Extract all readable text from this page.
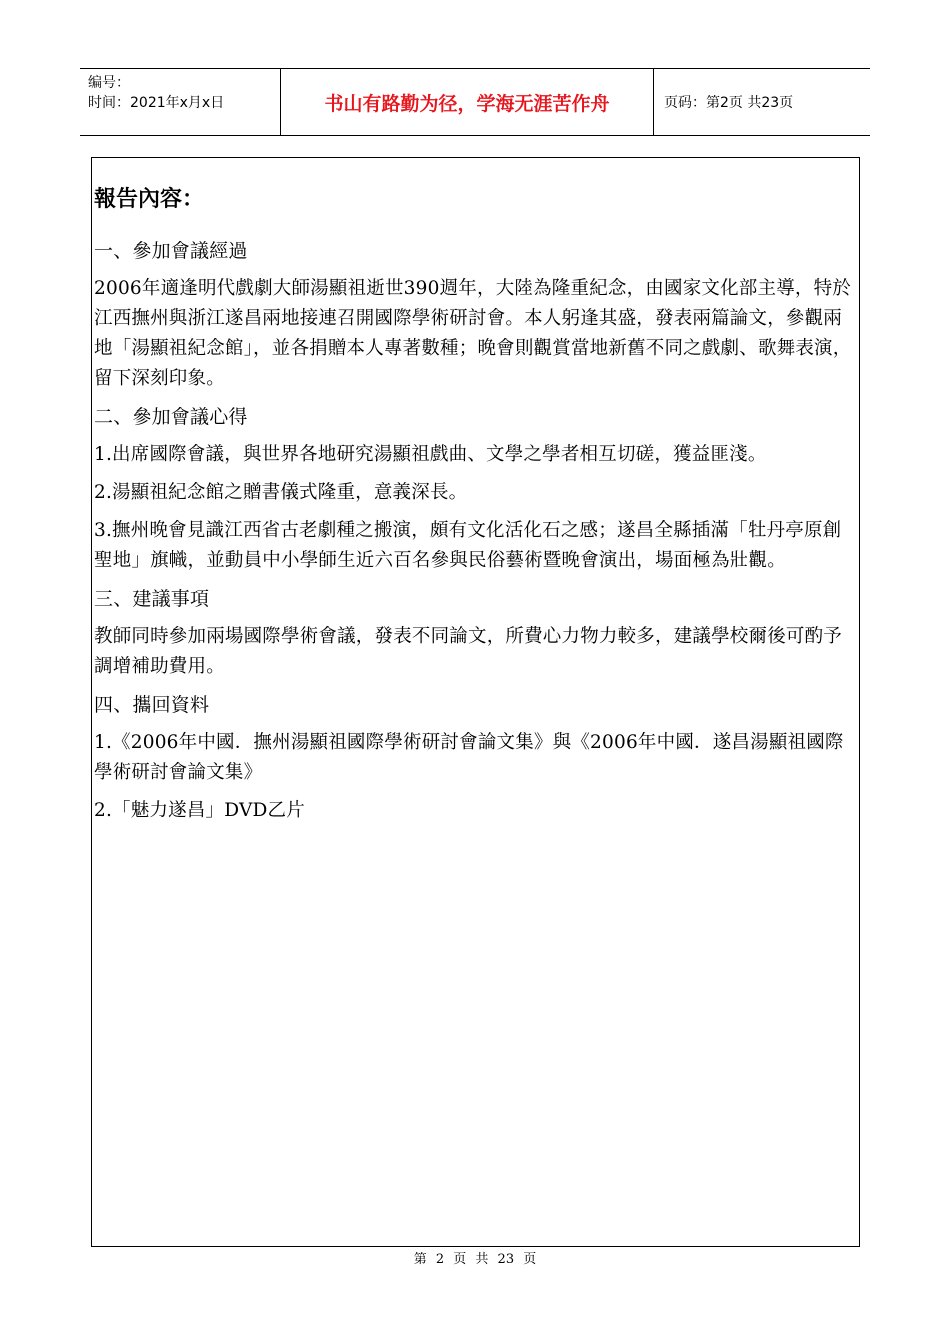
编号：
时间：2021年x月x日	书山有路勤为径，学海无涯苦作舟	页码：第2页 共23页
報告內容：
一、參加會議經過
2006年適逢明代戲劇大師湯顯祖逝世390週年，大陸為隆重紀念，由國家文化部主導，特於江西撫州與浙江遂昌兩地接連召開國際學術研討會。本人躬逢其盛，發表兩篇論文，參觀兩地「湯顯祖紀念館」，並各捐贈本人專著數種；晚會則觀賞當地新舊不同之戲劇、歌舞表演，留下深刻印象。
二、參加會議心得
1.出席國際會議，與世界各地研究湯顯祖戲曲、文學之學者相互切磋，獲益匪淺。
2.湯顯祖紀念館之贈書儀式隆重，意義深長。
3.撫州晚會見識江西省古老劇種之搬演，頗有文化活化石之感；遂昌全縣插滿「牡丹亭原創聖地」旗幟，並動員中小學師生近六百名參與民俗藝術暨晚會演出，場面極為壯觀。
三、建議事項
教師同時參加兩場國際學術會議，發表不同論文，所費心力物力較多，建議學校爾後可酌予調增補助費用。
四、攜回資料
1.《2006年中國．撫州湯顯祖國際學術研討會論文集》與《2006年中國．遂昌湯顯祖國際學術研討會論文集》
2.「魅力遂昌」DVD乙片
第 2 页 共 23 页
